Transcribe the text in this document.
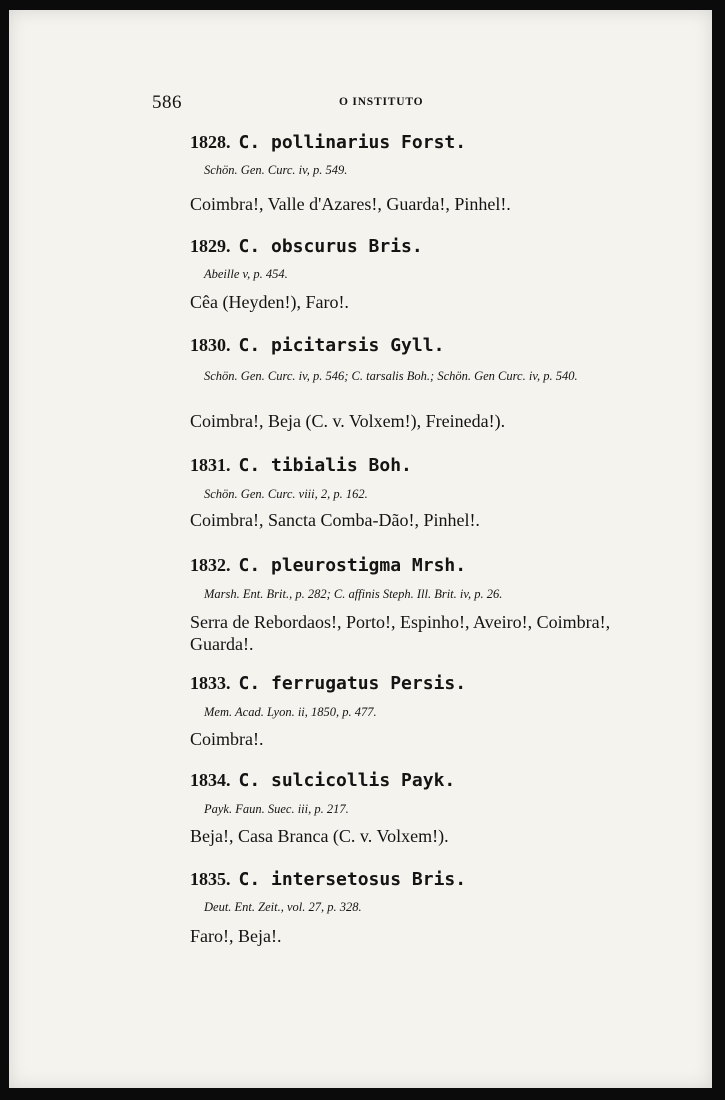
586	O INSTITUTO
1828. C. pollinarius Forst.
Schön. Gen. Curc. iv, p. 549.
Coimbra!, Valle d'Azares!, Guarda!, Pinhel!.
1829. C. obscurus Bris.
Abeille v, p. 454.
Cêa (Heyden!), Faro!.
1830. C. picitarsis Gyll.
Schön. Gen. Curc. iv, p. 546; C. tarsalis Boh.; Schön. Gen Curc. iv, p. 540.
Coimbra!, Beja (C. v. Volxem!), Freineda!).
1831. C. tibialis Boh.
Schön. Gen. Curc. viii, 2, p. 162.
Coimbra!, Sancta Comba-Dão!, Pinhel!.
1832. C. pleurostigma Mrsh.
Marsh. Ent. Brit., p. 282; C. affinis Steph. Ill. Brit. iv, p. 26.
Serra de Rebordaos!, Porto!, Espinho!, Aveiro!, Coimbra!, Guarda!.
1833. C. ferrugatus Persis.
Mem. Acad. Lyon. ii, 1850, p. 477.
Coimbra!.
1834. C. sulcicollis Payk.
Payk. Faun. Suec. iii, p. 217.
Beja!, Casa Branca (C. v. Volxem!).
1835. C. intersetosus Bris.
Deut. Ent. Zeit., vol. 27, p. 328.
Faro!, Beja!.
